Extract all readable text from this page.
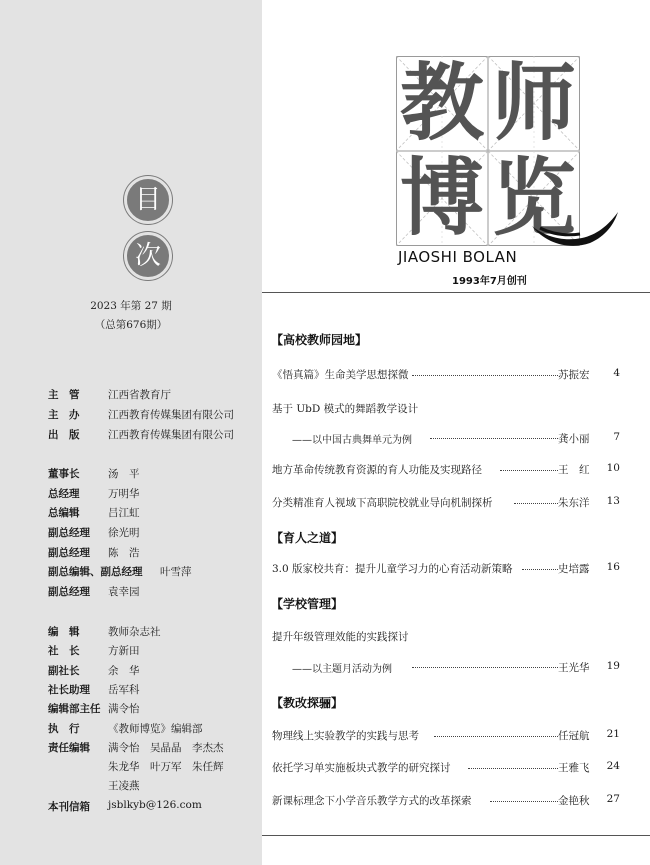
目
次
2023 年第 27 期
（总第676期）
主　管	江西省教育厅
主　办	江西教育传媒集团有限公司
出　版	江西教育传媒集团有限公司
董事长	汤　平
总经理	万明华
总编辑	吕江虹
副总经理 徐光明
副总经理 陈　浩
副总编辑、副总经理 叶雪萍
副总经理 袁幸园
编　辑	教师杂志社
社　长	方新田
副社长	余　华
社长助理 岳军科
编辑部主任 满令怡
执　行	《教师博览》编辑部
责任编辑 满令怡　吴晶晶　李杰杰
朱龙华　叶万军　朱任辉
王凌燕
本刊信箱 jsblkyb@126.com
教 师
博 览
JIAOSHI BOLAN
1993年7月创刊
【高校教师园地】
《悟真篇》生命美学思想探微	苏振宏 4
基于 UbD 模式的舞蹈教学设计
——以中国古典舞单元为例	龚小丽 7
地方革命传统教育资源的育人功能及实现路径	王　红 10
分类精准育人视域下高职院校就业导向机制探析	朱东洋 13
【育人之道】
3.0 版家校共育：提升儿童学习力的心育活动新策略	史培露 16
【学校管理】
提升年级管理效能的实践探讨
——以主题月活动为例	王光华 19
【教改探骊】
物理线上实验教学的实践与思考	任冠航 21
依托学习单实施板块式教学的研究探讨	王雅飞 24
新课标理念下小学音乐教学方式的改革探索	金艳秋 27
